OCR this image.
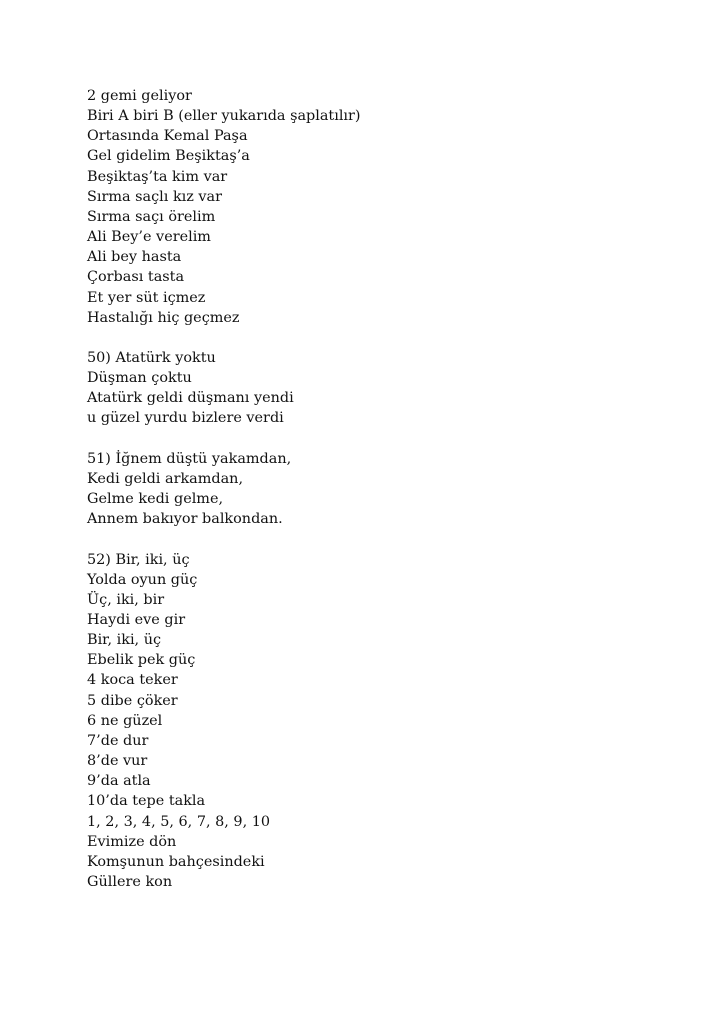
2 gemi geliyor
Biri A biri B (eller yukarıda şaplatılır)
Ortasında Kemal Paşa
Gel gidelim Beşiktaş’a
Beşiktaş’ta kim var
Sırma saçlı kız var
Sırma saçı örelim
Ali Bey’e verelim
Ali bey hasta
Çorbası tasta
Et yer süt içmez
Hastalığı hiç geçmez
50) Atatürk yoktu
Düşman çoktu
Atatürk geldi düşmanı yendi
u güzel yurdu bizlere verdi
51) İğnem düştü yakamdan,
Kedi geldi arkamdan,
Gelme kedi gelme,
Annem bakıyor balkondan.
52) Bir, iki, üç
Yolda oyun güç
Üç, iki, bir
Haydi eve gir
Bir, iki, üç
Ebelik pek güç
4 koca teker
5 dibe çöker
6 ne güzel
7’de dur
8’de vur
9’da atla
10’da tepe takla
1, 2, 3, 4, 5, 6, 7, 8, 9, 10
Evimize dön
Komşunun bahçesindeki
Güllere kon
